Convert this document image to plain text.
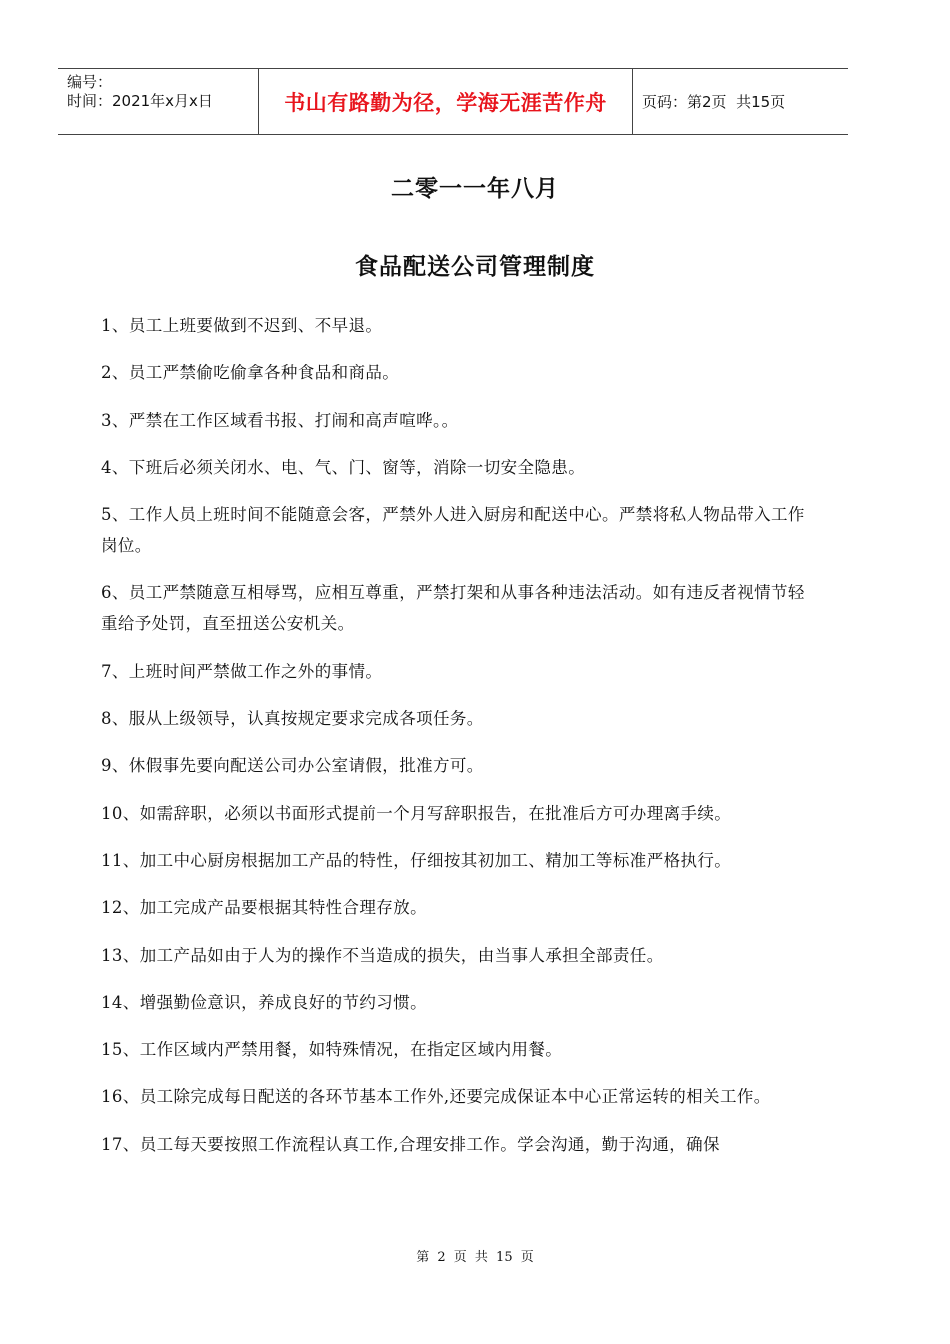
编号：
时间：2021年x月x日	书山有路勤为径，学海无涯苦作舟	页码：第2页  共15页
二零一一年八月
食品配送公司管理制度

1、员工上班要做到不迟到、不早退。

2、员工严禁偷吃偷拿各种食品和商品。

3、严禁在工作区域看书报、打闹和高声喧哗。。

4、下班后必须关闭水、电、气、门、窗等，消除一切安全隐患。

5、工作人员上班时间不能随意会客，严禁外人进入厨房和配送中心。严禁将私人物品带入工作岗位。

6、员工严禁随意互相辱骂，应相互尊重，严禁打架和从事各种违法活动。如有违反者视情节轻重给予处罚，直至扭送公安机关。

7、上班时间严禁做工作之外的事情。

8、服从上级领导，认真按规定要求完成各项任务。

9、休假事先要向配送公司办公室请假，批准方可。

10、如需辞职，必须以书面形式提前一个月写辞职报告，在批准后方可办理离手续。

11、加工中心厨房根据加工产品的特性，仔细按其初加工、精加工等标准严格执行。

12、加工完成产品要根据其特性合理存放。

13、加工产品如由于人为的操作不当造成的损失，由当事人承担全部责任。

14、增强勤俭意识，养成良好的节约习惯。

15、工作区域内严禁用餐，如特殊情况，在指定区域内用餐。

16、员工除完成每日配送的各环节基本工作外,还要完成保证本中心正常运转的相关工作。

17、员工每天要按照工作流程认真工作,合理安排工作。学会沟通，勤于沟通，确保

第 2 页 共 15 页
